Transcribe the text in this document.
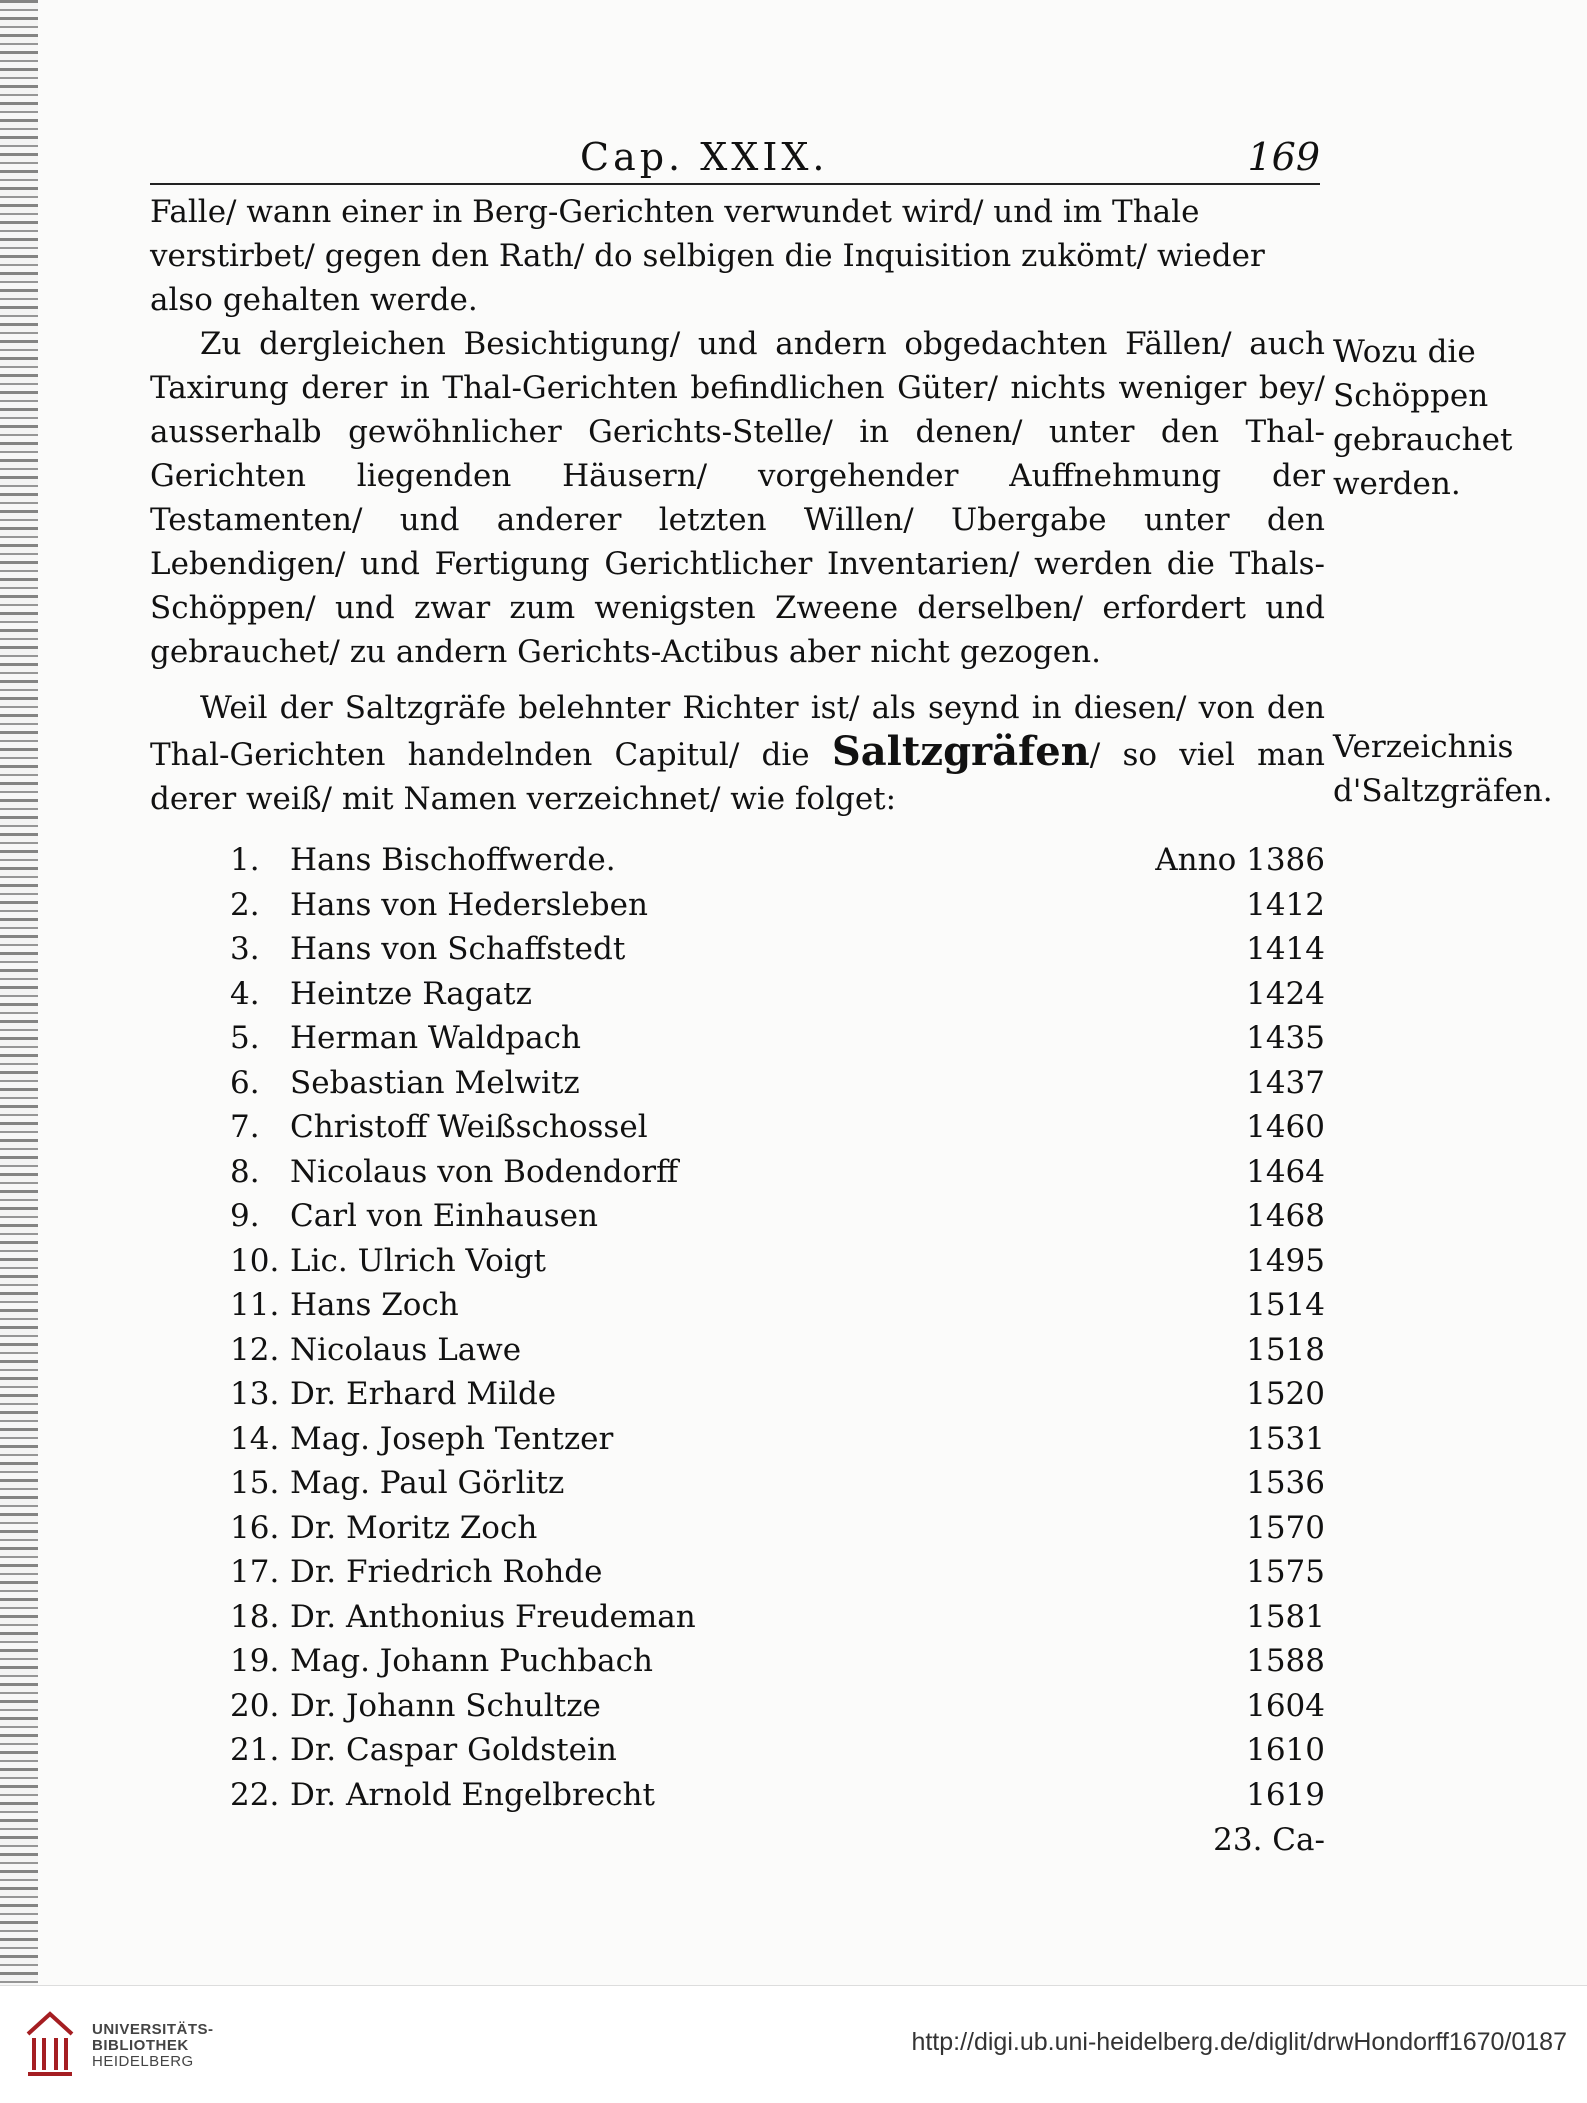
Cap. XXIX.	169

Falle/ wann einer in Berg-Gerichten verwundet wird/ und im Thale
verstirbet/ gegen den Rath/ do selbigen die Inquisition zukömt/ wieder
also gehalten werde.

Zu dergleichen Besichtigung/ und andern obgedachten Fällen/ auch Taxirung derer in Thal-Gerichten befindlichen Güter/ nichts weniger bey/ ausserhalb gewöhnlicher Gerichts-Stelle/ in denen/ unter den Thal-Gerichten liegenden Häusern/ vorgehender Auffnehmung der Testamenten/ und anderer letzten Willen/ Ubergabe unter den Lebendigen/ und Fertigung Gerichtlicher Inventarien/ werden die Thals-Schöppen/ und zwar zum wenigsten Zweene derselben/ erfordert und gebrauchet/ zu andern Gerichts-Actibus aber nicht gezogen.

Weil der Saltzgräfe belehnter Richter ist/ als seynd in diesen/ von den Thal-Gerichten handelnden Capitul/ die Saltzgräfen/ so viel man derer weiß/ mit Namen verzeichnet/ wie folget:

Wozu die Schöppen gebrauchet werden.
Verzeichnis d'Saltzgräfen.
1. Hans Bischoffwerde.	Anno 1386
2. Hans von Hedersleben	1412
3. Hans von Schaffstedt	1414
4. Heintze Ragatz	1424
5. Herman Waldpach	1435
6. Sebastian Melwitz	1437
7. Christoff Weißschossel	1460
8. Nicolaus von Bodendorff	1464
9. Carl von Einhausen	1468
10. Lic. Ulrich Voigt	1495
11. Hans Zoch	1514
12. Nicolaus Lawe	1518
13. Dr. Erhard Milde	1520
14. Mag. Joseph Tentzer	1531
15. Mag. Paul Görlitz	1536
16. Dr. Moritz Zoch	1570
17. Dr. Friedrich Rohde	1575
18. Dr. Anthonius Freudeman	1581
19. Mag. Johann Puchbach	1588
20. Dr. Johann Schultze	1604
21. Dr. Caspar Goldstein	1610
22. Dr. Arnold Engelbrecht	1619
23. Ca-
UNIVERSITÄTS-
BIBLIOTHEK
HEIDELBERG
http://digi.ub.uni-heidelberg.de/diglit/drwHondorff1670/0187
